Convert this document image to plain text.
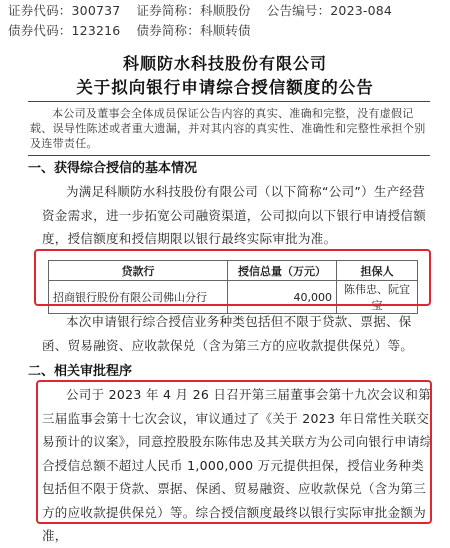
证券代码：300737 证券简称：科顺股份 公告编号：2023-084
债券代码：123216 债券简称：科顺转债
科顺防水科技股份有限公司
关于拟向银行申请综合授信额度的公告

本公司及董事会全体成员保证公告内容的真实、准确和完整，没有虚假记载、误导性陈述或者重大遗漏，并对其内容的真实性、准确性和完整性承担个别及连带责任。

一、获得综合授信的基本情况

为满足科顺防水科技股份有限公司（以下简称“公司”）生产经营资金需求，进一步拓宽公司融资渠道，公司拟向以下银行申请授信额度，授信额度和授信期限以银行最终实际审批为准。

贷款行	授信总量（万元）	担保人
招商银行股份有限公司佛山分行	40,000	陈伟忠、阮宜宝

本次申请银行综合授信业务种类包括但不限于贷款、票据、保函、贸易融资、应收款保兑（含为第三方的应收款提供保兑）等。

二、相关审批程序

公司于 2023 年 4 月 26 日召开第三届董事会第十九次会议和第三届监事会第十七次会议，审议通过了《关于 2023 年日常性关联交易预计的议案》，同意控股股东陈伟忠及其关联方为公司向银行申请综合授信总额不超过人民币 1,000,000 万元提供担保，授信业务种类包括但不限于贷款、票据、保函、贸易融资、应收款保兑（含为第三方的应收款提供保兑）等。综合授信额度最终以银行实际审批金额为准，
